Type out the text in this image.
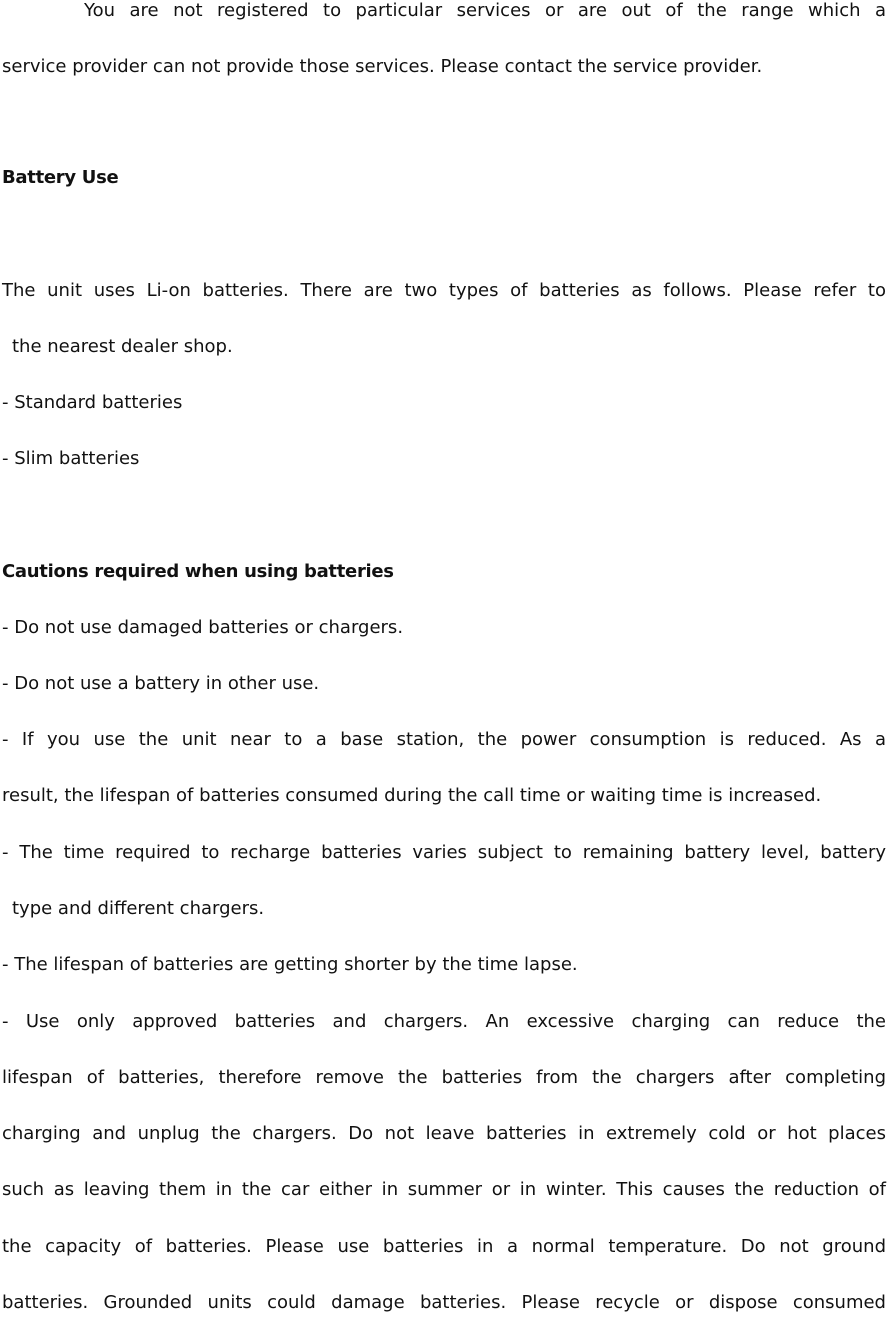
You are not registered to particular services or are out of the range which a
service provider can not provide those services. Please contact the service provider.
Battery Use
The unit uses Li-on batteries. There are two types of batteries as follows. Please refer to
the nearest dealer shop.
- Standard batteries
- Slim batteries
Cautions required when using batteries
- Do not use damaged batteries or chargers.
- Do not use a battery in other use.
- If you use the unit near to a base station, the power consumption is reduced. As a
result, the lifespan of batteries consumed during the call time or waiting time is increased.
- The time required to recharge batteries varies subject to remaining battery level, battery
type and different chargers.
- The lifespan of batteries are getting shorter by the time lapse.
- Use only approved batteries and chargers. An excessive charging can reduce the
lifespan of batteries, therefore remove the batteries from the chargers after completing
charging and unplug the chargers. Do not leave batteries in extremely cold or hot places
such as leaving them in the car either in summer or in winter. This causes the reduction of
the capacity of batteries. Please use batteries in a normal temperature. Do not ground
batteries. Grounded units could damage batteries. Please recycle or dispose consumed
